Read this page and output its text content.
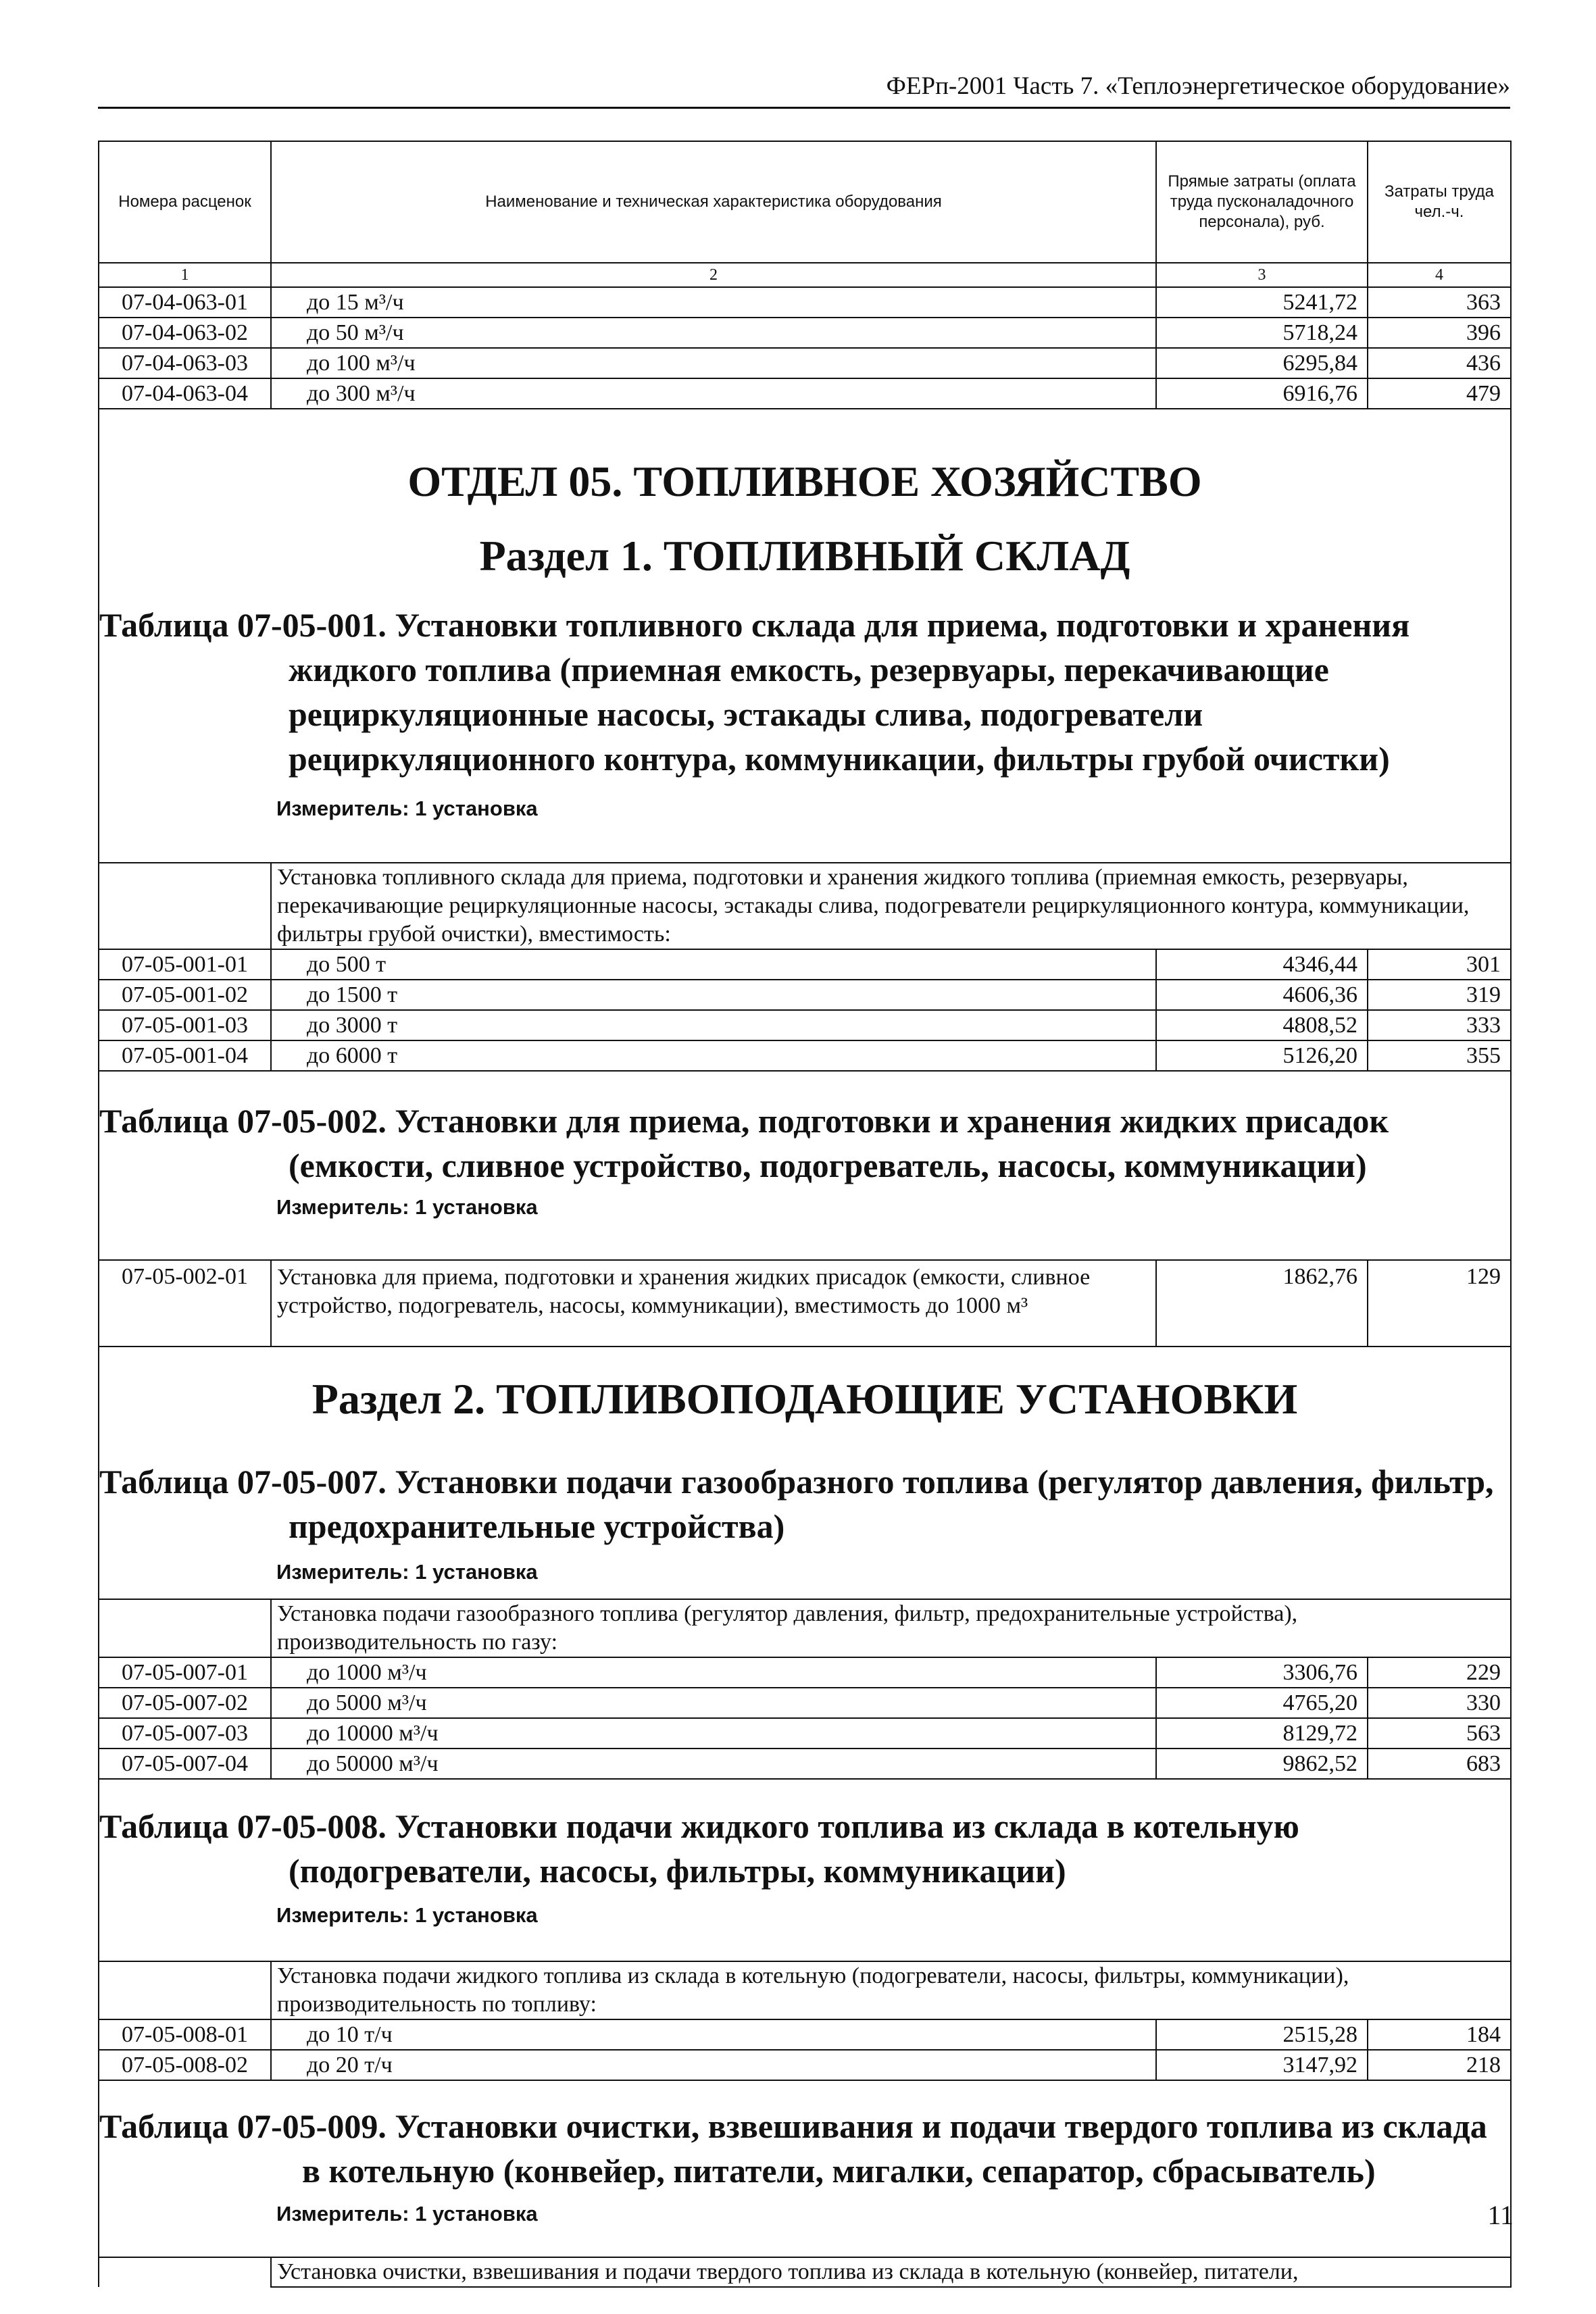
ФЕРп-2001 Часть 7. «Теплоэнергетическое оборудование»
Номера расценок	Наименование и техническая характеристика оборудования	Прямые затраты (оплата труда пусконаладочного персонала), руб.	Затраты труда чел.-ч.
1	2	3	4
07-04-063-01	до 15 м³/ч	5241,72	363
07-04-063-02	до 50 м³/ч	5718,24	396
07-04-063-03	до 100 м³/ч	6295,84	436
07-04-063-04	до 300 м³/ч	6916,76	479

ОТДЕЛ 05. ТОПЛИВНОЕ ХОЗЯЙСТВО
Раздел 1. ТОПЛИВНЫЙ СКЛАД
Таблица 07-05-001. Установки топливного склада для приема, подготовки и хранения жидкого топлива (приемная емкость, резервуары, перекачивающие рециркуляционные насосы, эстакады слива, подогреватели рециркуляционного контура, коммуникации, фильтры грубой очистки)
Измеритель: 1 установка			

	Установка топливного склада для приема, подготовки и хранения жидкого топлива (приемная емкость, резервуары, перекачивающие рециркуляционные насосы, эстакады слива, подогреватели рециркуляционного контура, коммуникации, фильтры грубой очистки), вместимость:		
07-05-001-01	до 500 т	4346,44	301
07-05-001-02	до 1500 т	4606,36	319
07-05-001-03	до 3000 т	4808,52	333
07-05-001-04	до 6000 т	5126,20	355

Таблица 07-05-002. Установки для приема, подготовки и хранения жидких присадок (емкости, сливное устройство, подогреватель, насосы, коммуникации)
Измеритель: 1 установка			

07-05-002-01	Установка для приема, подготовки и хранения жидких присадок (емкости, сливное устройство, подогреватель, насосы, коммуникации), вместимость до 1000 м³	1862,76	129

Раздел 2. ТОПЛИВОПОДАЮЩИЕ УСТАНОВКИ
Таблица 07-05-007. Установки подачи газообразного топлива (регулятор давления, фильтр, предохранительные устройства)
Измеритель: 1 установка			

	Установка подачи газообразного топлива (регулятор давления, фильтр, предохранительные устройства), производительность по газу:		
07-05-007-01	до 1000 м³/ч	3306,76	229
07-05-007-02	до 5000 м³/ч	4765,20	330
07-05-007-03	до 10000 м³/ч	8129,72	563
07-05-007-04	до 50000 м³/ч	9862,52	683

Таблица 07-05-008. Установки подачи жидкого топлива из склада в котельную (подогреватели, насосы, фильтры, коммуникации)
Измеритель: 1 установка			

	Установка подачи жидкого топлива из склада в котельную (подогреватели, насосы, фильтры, коммуникации), производительность по топливу:		
07-05-008-01	до 10 т/ч	2515,28	184
07-05-008-02	до 20 т/ч	3147,92	218

Таблица 07-05-009. Установки очистки, взвешивания и подачи твердого топлива из склада в котельную (конвейер, питатели, мигалки, сепаратор, сбрасыватель)
Измеритель: 1 установка			

	Установка очистки, взвешивания и подачи твердого топлива из склада в котельную (конвейер, питатели,		
11
